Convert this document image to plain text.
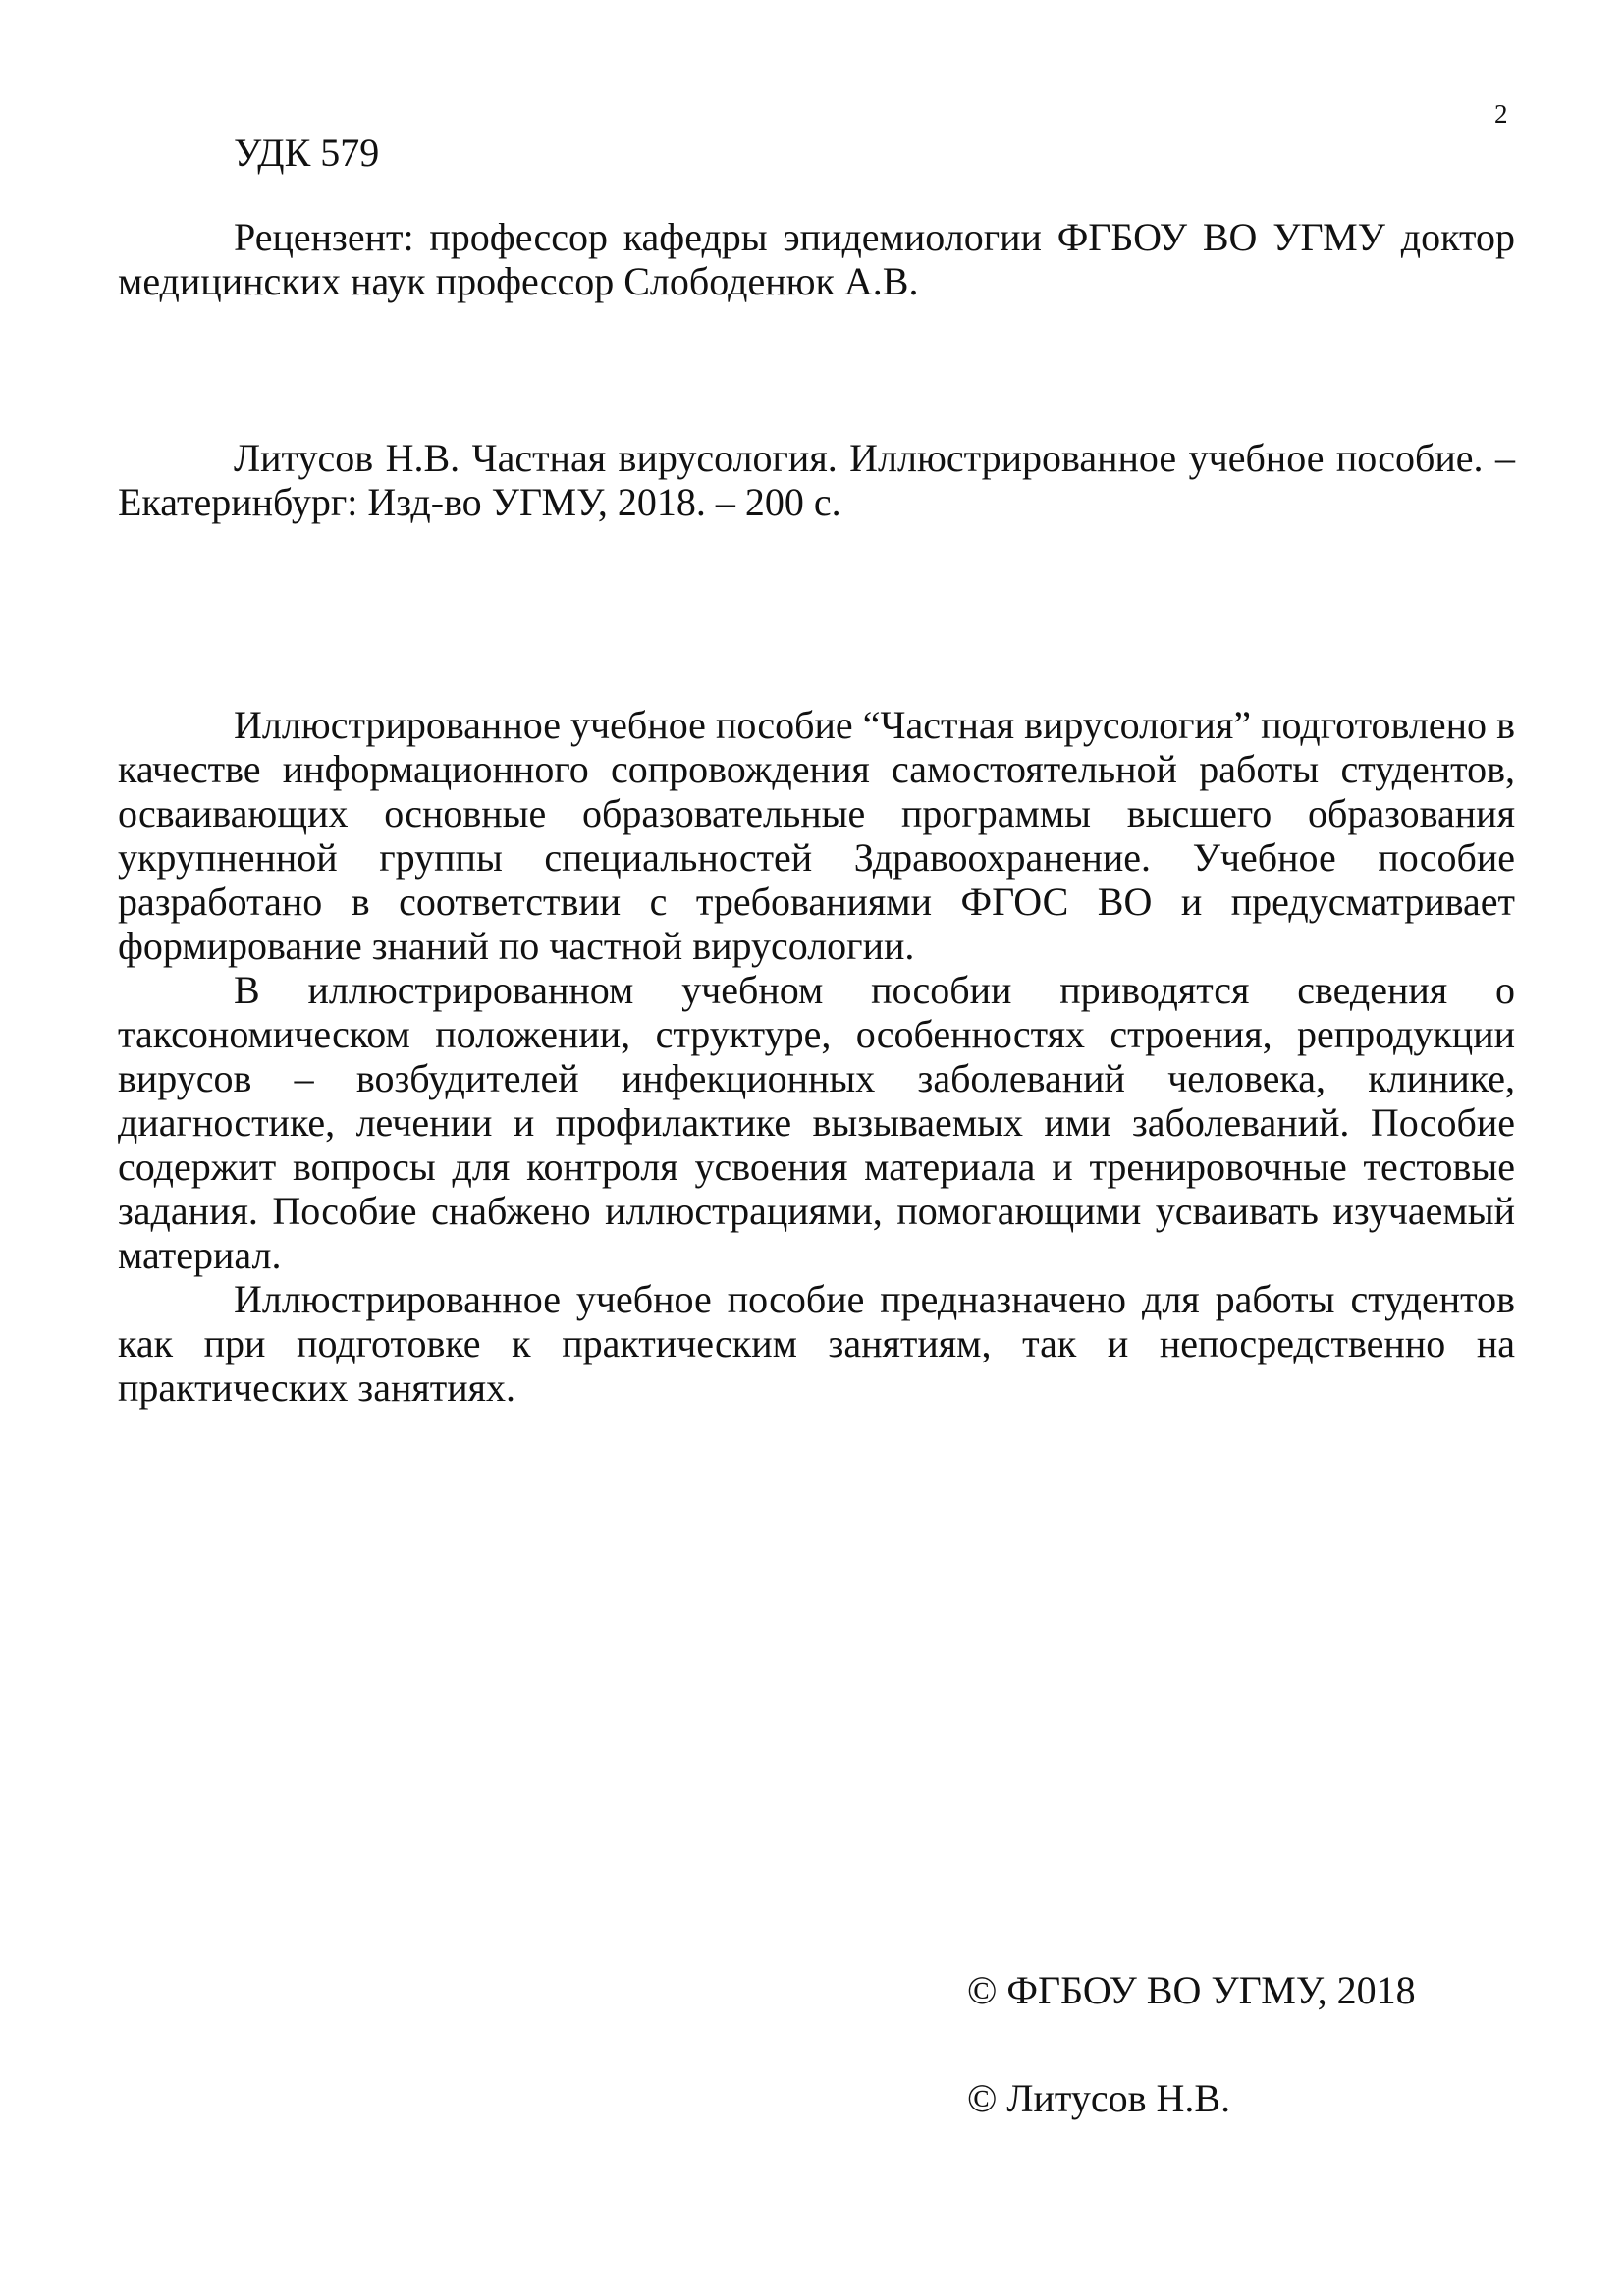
2
УДК 579

Рецензент: профессор кафедры эпидемиологии ФГБОУ ВО УГМУ доктор медицинских наук профессор Слободенюк А.В.

Литусов Н.В. Частная вирусология. Иллюстрированное учебное пособие. – Екатеринбург: Изд-во УГМУ, 2018. – 200 с.

Иллюстрированное учебное пособие “Частная вирусология” подготовлено в качестве информационного сопровождения самостоятельной работы студентов, осваивающих основные образовательные программы высшего образования укрупненной группы специальностей Здравоохранение. Учебное пособие разработано в соответствии с требованиями ФГОС ВО и предусматривает формирование знаний по частной вирусологии.

В иллюстрированном учебном пособии приводятся сведения о таксономическом положении, структуре, особенностях строения, репродукции вирусов – возбудителей инфекционных заболеваний человека, клинике, диагностике, лечении и профилактике вызываемых ими заболеваний. Пособие содержит вопросы для контроля усвоения материала и тренировочные тестовые задания. Пособие снабжено иллюстрациями, помогающими усваивать изучаемый материал.

Иллюстрированное учебное пособие предназначено для работы студентов как при подготовке к практическим занятиям, так и непосредственно на практических занятиях.

© ФГБОУ ВО УГМУ, 2018
© Литусов Н.В.
